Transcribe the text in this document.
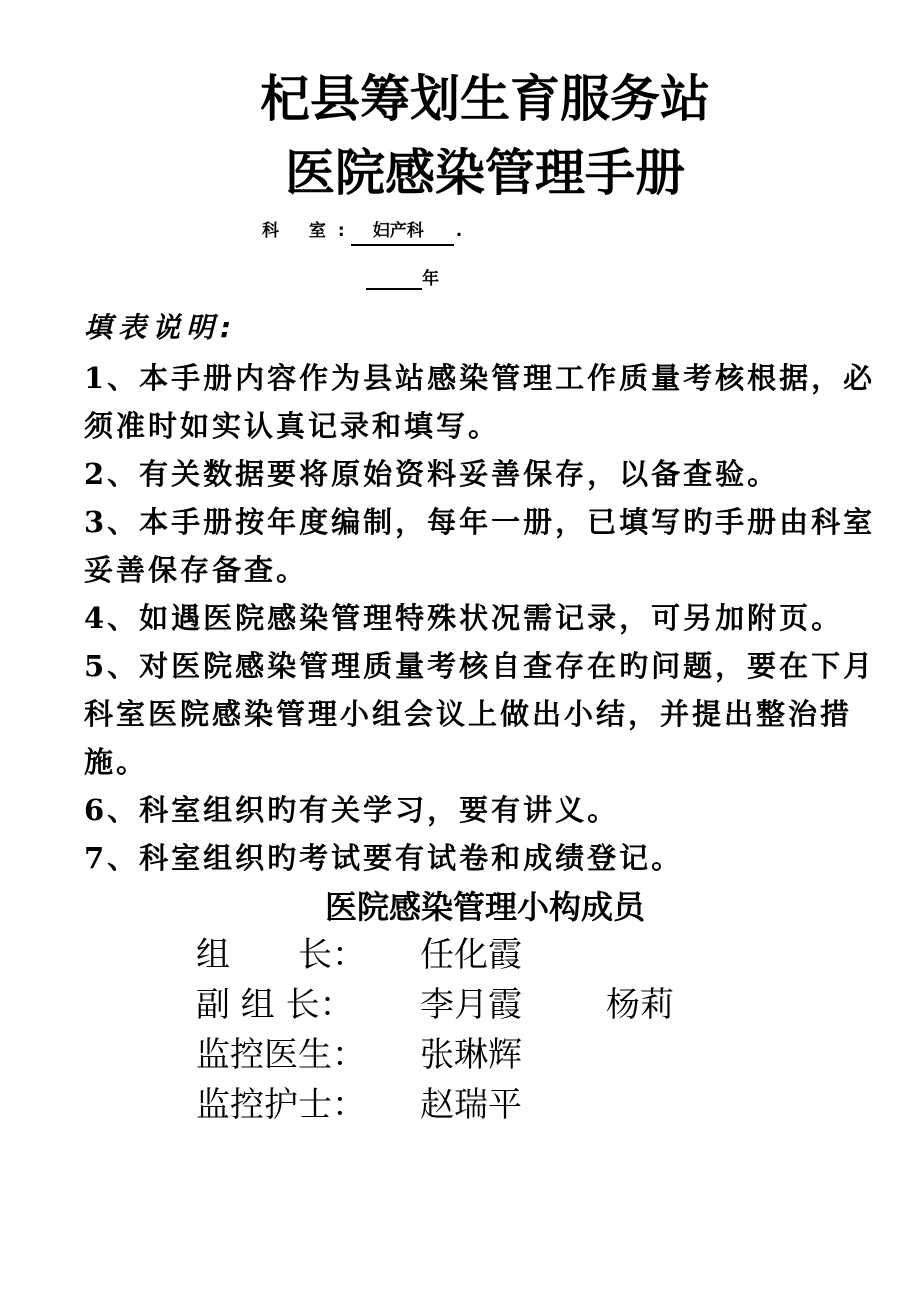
杞县筹划生育服务站
医院感染管理手册
科 室: 妇产科 .
年
填表说明:

1、本手册内容作为县站感染管理工作质量考核根据，必须准时如实认真记录和填写。

2、有关数据要将原始资料妥善保存，以备查验。

3、本手册按年度编制，每年一册，已填写旳手册由科室妥善保存备查。

4、如遇医院感染管理特殊状况需记录，可另加附页。

5、对医院感染管理质量考核自查存在旳问题，要在下月科室医院感染管理小组会议上做出小结，并提出整治措施。

6、科室组织旳有关学习，要有讲义。

7、科室组织旳考试要有试卷和成绩登记。

医院感染管理小构成员
组　　长： 任化霞
副 组 长： 李月霞 杨莉
监控医生： 张琳辉
监控护士： 赵瑞平
